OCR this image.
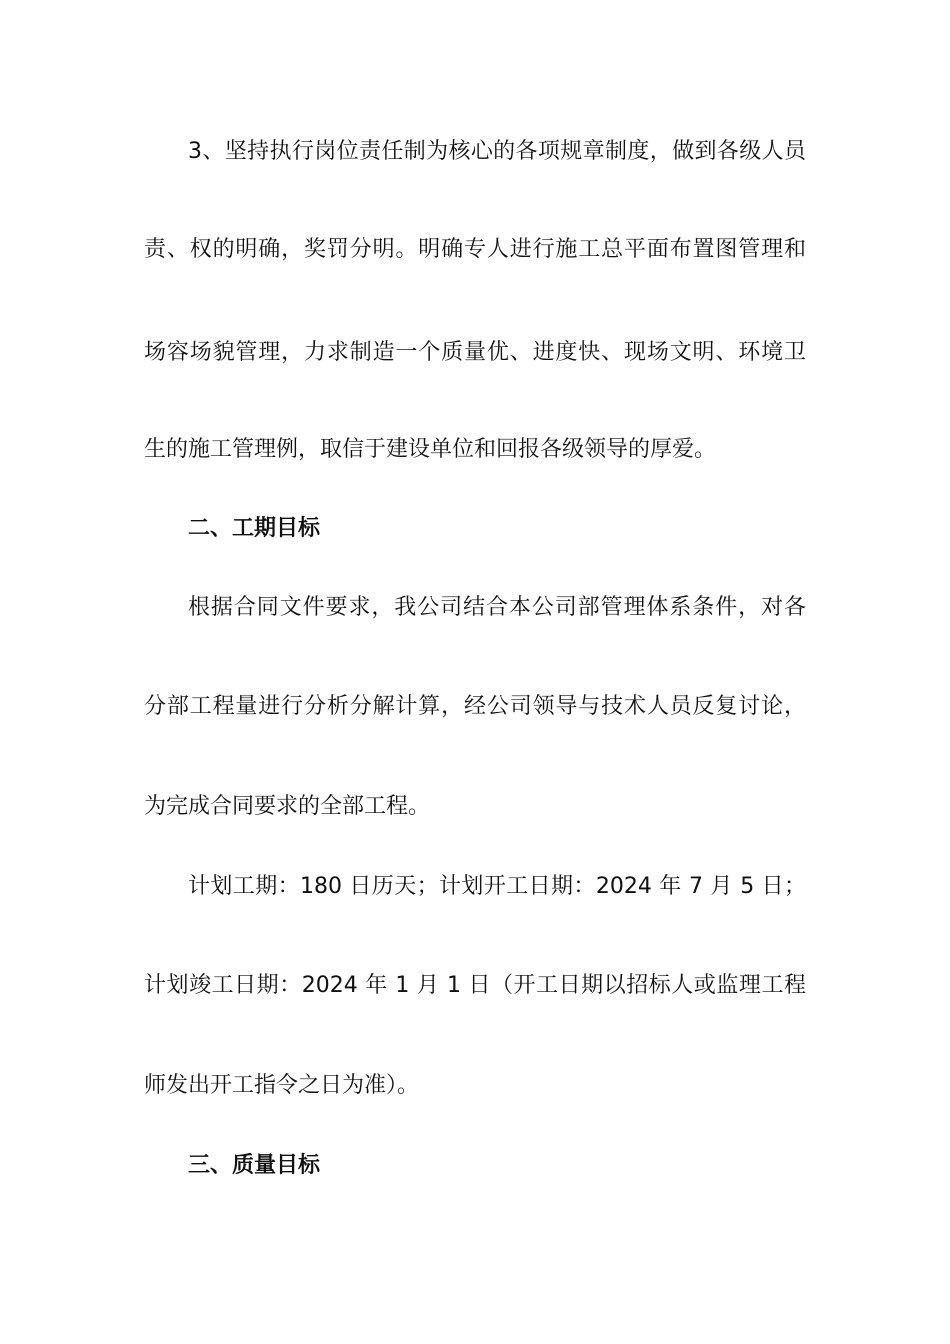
3、坚持执行岗位责任制为核心的各项规章制度，做到各级人员
责、权的明确，奖罚分明。明确专人进行施工总平面布置图管理和
场容场貌管理，力求制造一个质量优、进度快、现场文明、环境卫
生的施工管理例，取信于建设单位和回报各级领导的厚爱。
二、工期目标
根据合同文件要求，我公司结合本公司部管理体系条件，对各
分部工程量进行分析分解计算，经公司领导与技术人员反复讨论，
为完成合同要求的全部工程。
计划工期：180 日历天；计划开工日期：2024 年 7 月 5 日；
计划竣工日期：2024 年 1 月 1 日（开工日期以招标人或监理工程
师发出开工指令之日为准）。
三、质量目标
